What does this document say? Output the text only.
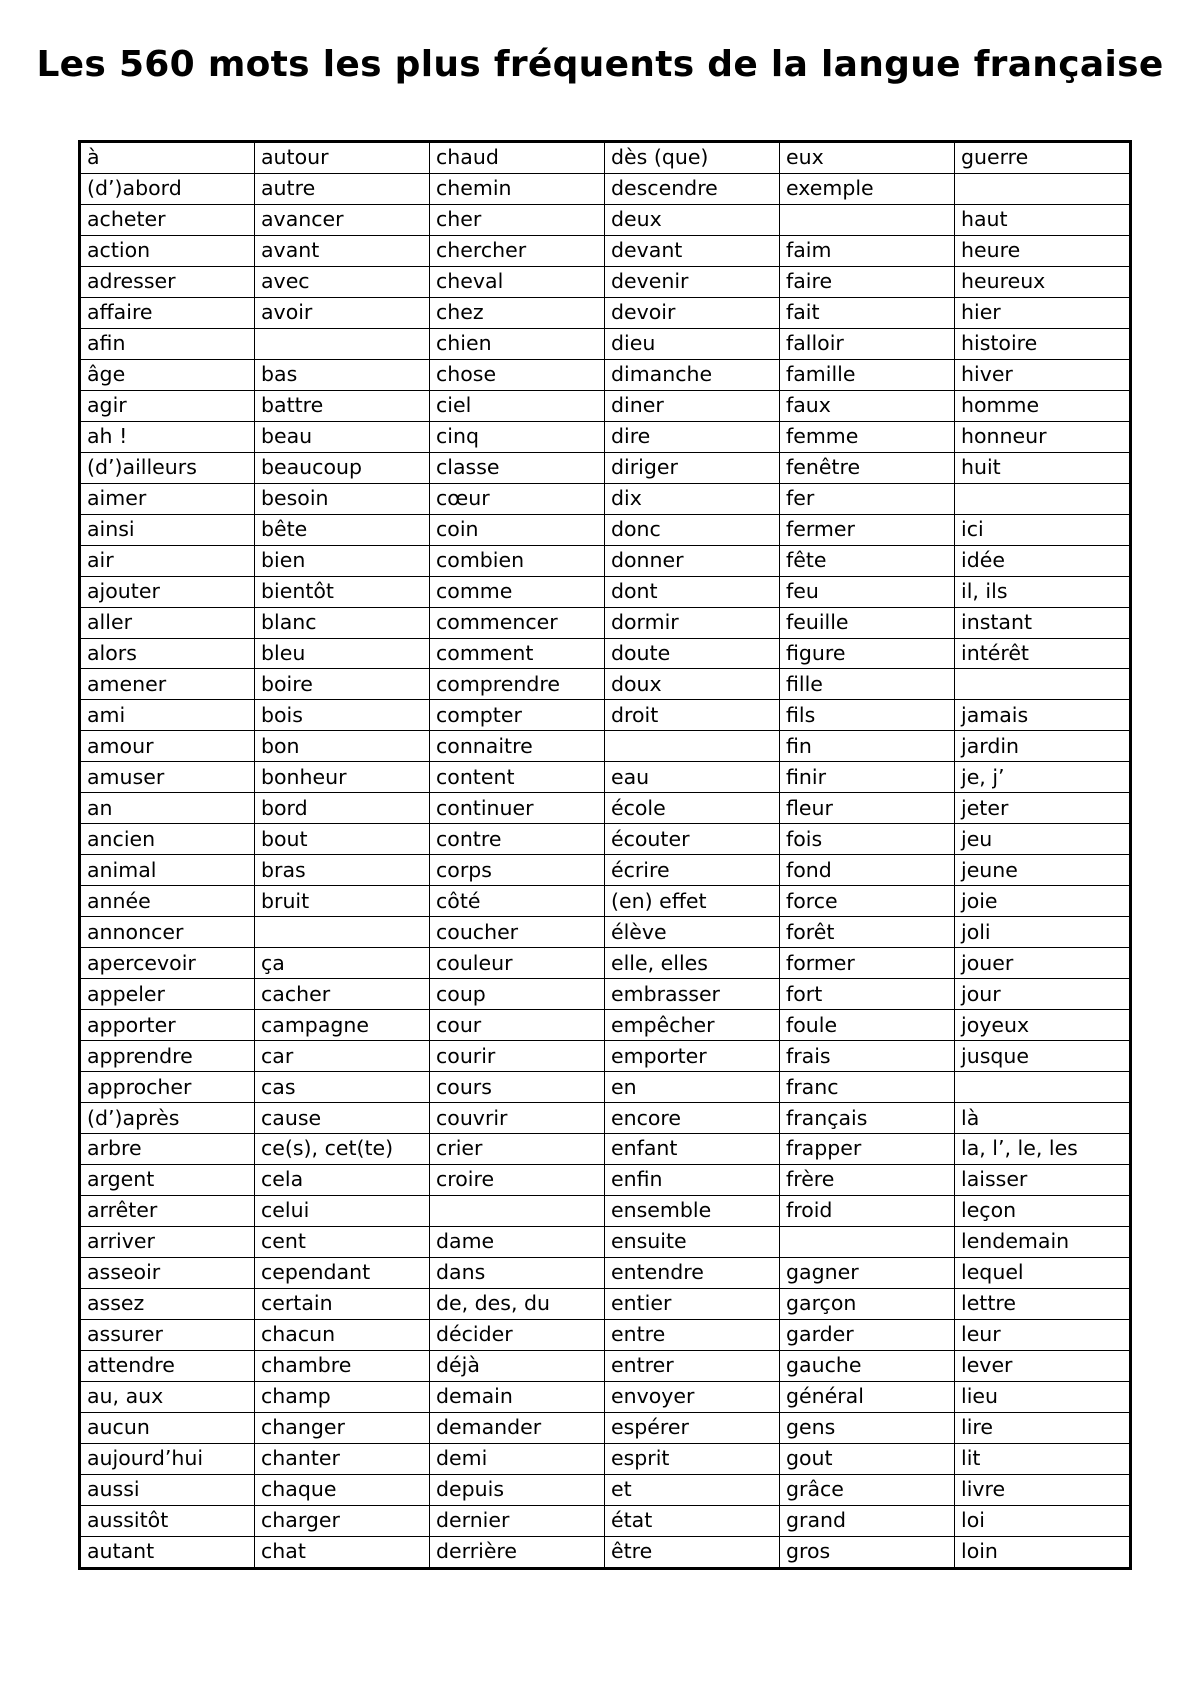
Les 560 mots les plus fréquents de la langue française
à	autour	chaud	dès (que)	eux	guerre
(d’)abord	autre	chemin	descendre	exemple	
acheter	avancer	cher	deux		haut
action	avant	chercher	devant	faim	heure
adresser	avec	cheval	devenir	faire	heureux
affaire	avoir	chez	devoir	fait	hier
afin		chien	dieu	falloir	histoire
âge	bas	chose	dimanche	famille	hiver
agir	battre	ciel	diner	faux	homme
ah !	beau	cinq	dire	femme	honneur
(d’)ailleurs	beaucoup	classe	diriger	fenêtre	huit
aimer	besoin	cœur	dix	fer	
ainsi	bête	coin	donc	fermer	ici
air	bien	combien	donner	fête	idée
ajouter	bientôt	comme	dont	feu	il, ils
aller	blanc	commencer	dormir	feuille	instant
alors	bleu	comment	doute	figure	intérêt
amener	boire	comprendre	doux	fille	
ami	bois	compter	droit	fils	jamais
amour	bon	connaitre		fin	jardin
amuser	bonheur	content	eau	finir	je, j’
an	bord	continuer	école	fleur	jeter
ancien	bout	contre	écouter	fois	jeu
animal	bras	corps	écrire	fond	jeune
année	bruit	côté	(en) effet	force	joie
annoncer		coucher	élève	forêt	joli
apercevoir	ça	couleur	elle, elles	former	jouer
appeler	cacher	coup	embrasser	fort	jour
apporter	campagne	cour	empêcher	foule	joyeux
apprendre	car	courir	emporter	frais	jusque
approcher	cas	cours	en	franc	
(d’)après	cause	couvrir	encore	français	là
arbre	ce(s), cet(te)	crier	enfant	frapper	la, l’, le, les
argent	cela	croire	enfin	frère	laisser
arrêter	celui		ensemble	froid	leçon
arriver	cent	dame	ensuite		lendemain
asseoir	cependant	dans	entendre	gagner	lequel
assez	certain	de, des, du	entier	garçon	lettre
assurer	chacun	décider	entre	garder	leur
attendre	chambre	déjà	entrer	gauche	lever
au, aux	champ	demain	envoyer	général	lieu
aucun	changer	demander	espérer	gens	lire
aujourd’hui	chanter	demi	esprit	gout	lit
aussi	chaque	depuis	et	grâce	livre
aussitôt	charger	dernier	état	grand	loi
autant	chat	derrière	être	gros	loin
